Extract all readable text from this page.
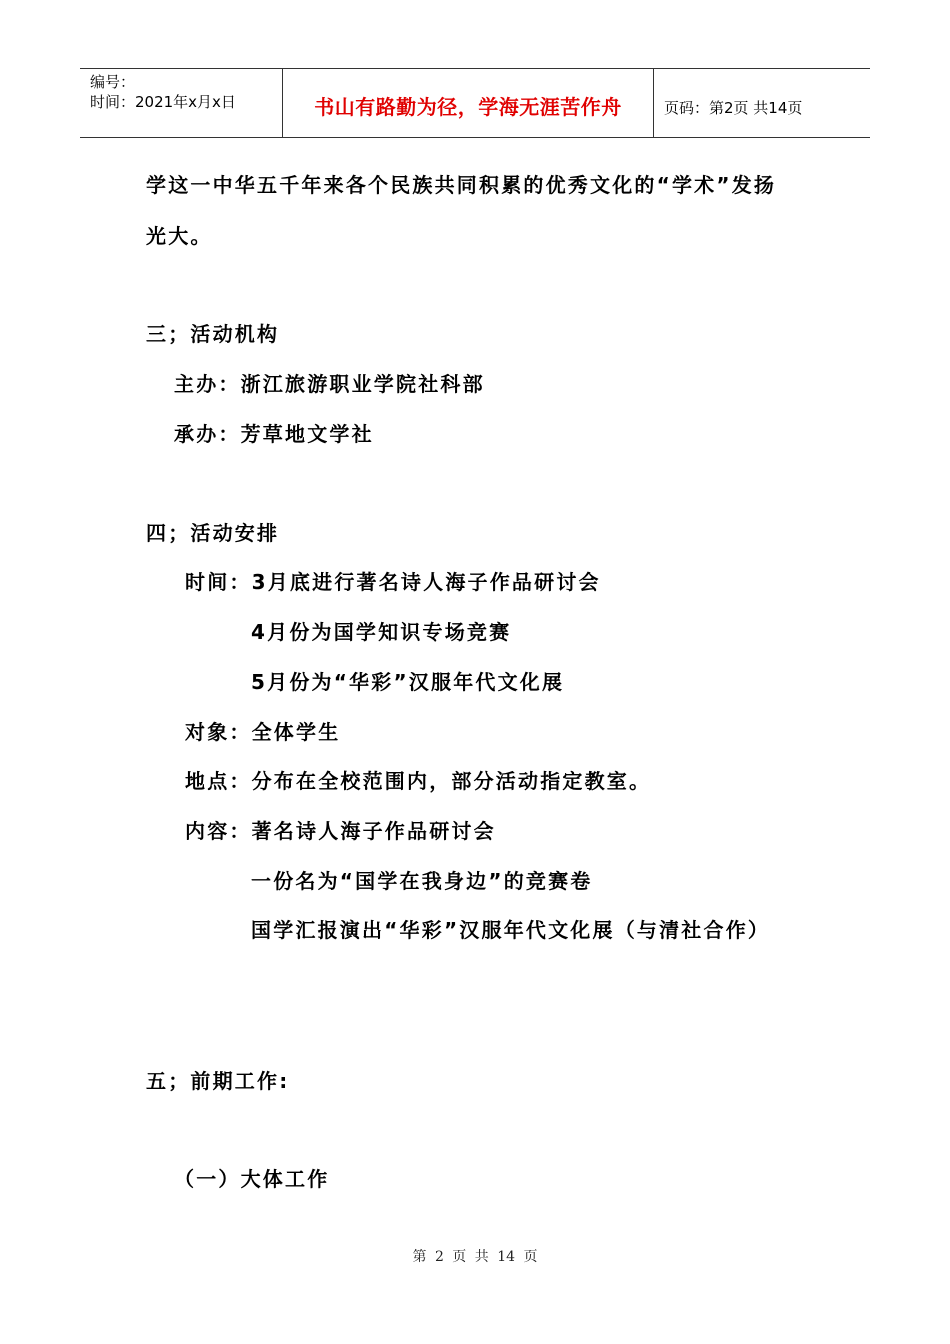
编号：
时间：2021年x月x日	书山有路勤为径，学海无涯苦作舟	页码：第2页 共14页
学这一中华五千年来各个民族共同积累的优秀文化的“学术”发扬
光大。
三；活动机构
主办：浙江旅游职业学院社科部
承办：芳草地文学社
四；活动安排
时间：3月底进行著名诗人海子作品研讨会
4月份为国学知识专场竞赛
5月份为“华彩”汉服年代文化展
对象：全体学生
地点：分布在全校范围内，部分活动指定教室。
内容：著名诗人海子作品研讨会
一份名为“国学在我身边”的竞赛卷
国学汇报演出“华彩”汉服年代文化展（与清社合作）
五；前期工作:
（一）大体工作
第 2 页 共 14 页
